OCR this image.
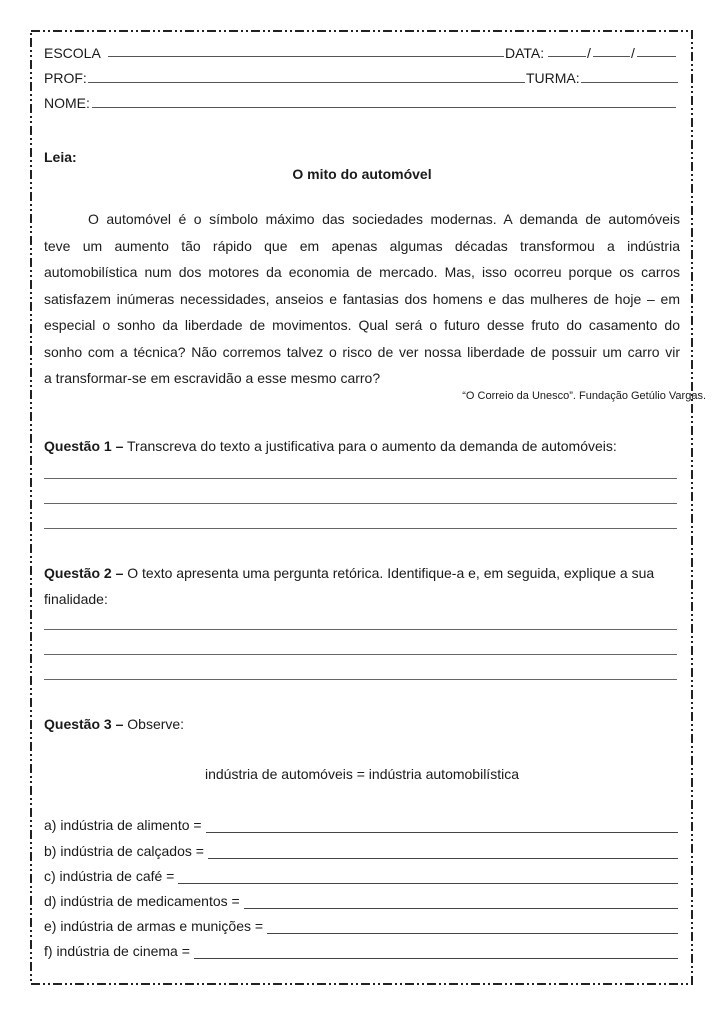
ESCOLA	DATA:	/	/
PROF:	TURMA:
NOME:
Leia:
O mito do automóvel
O automóvel é o símbolo máximo das sociedades modernas. A demanda de automóveis
teve um aumento tão rápido que em apenas algumas décadas transformou a indústria
automobilística num dos motores da economia de mercado. Mas, isso ocorreu porque os carros
satisfazem inúmeras necessidades, anseios e fantasias dos homens e das mulheres de hoje – em
especial o sonho da liberdade de movimentos. Qual será o futuro desse fruto do casamento do
sonho com a técnica? Não corremos talvez o risco de ver nossa liberdade de possuir um carro vir
a transformar-se em escravidão a esse mesmo carro?
“O Correio da Unesco”. Fundação Getúlio Vargas.
Questão 1 – Transcreva do texto a justificativa para o aumento da demanda de automóveis:
Questão 2 – O texto apresenta uma pergunta retórica. Identifique-a e, em seguida, explique a sua
finalidade:
Questão 3 – Observe:
indústria de automóveis = indústria automobilística
a) indústria de alimento =
b) indústria de calçados =
c) indústria de café =
d) indústria de medicamentos =
e) indústria de armas e munições =
f) indústria de cinema =
